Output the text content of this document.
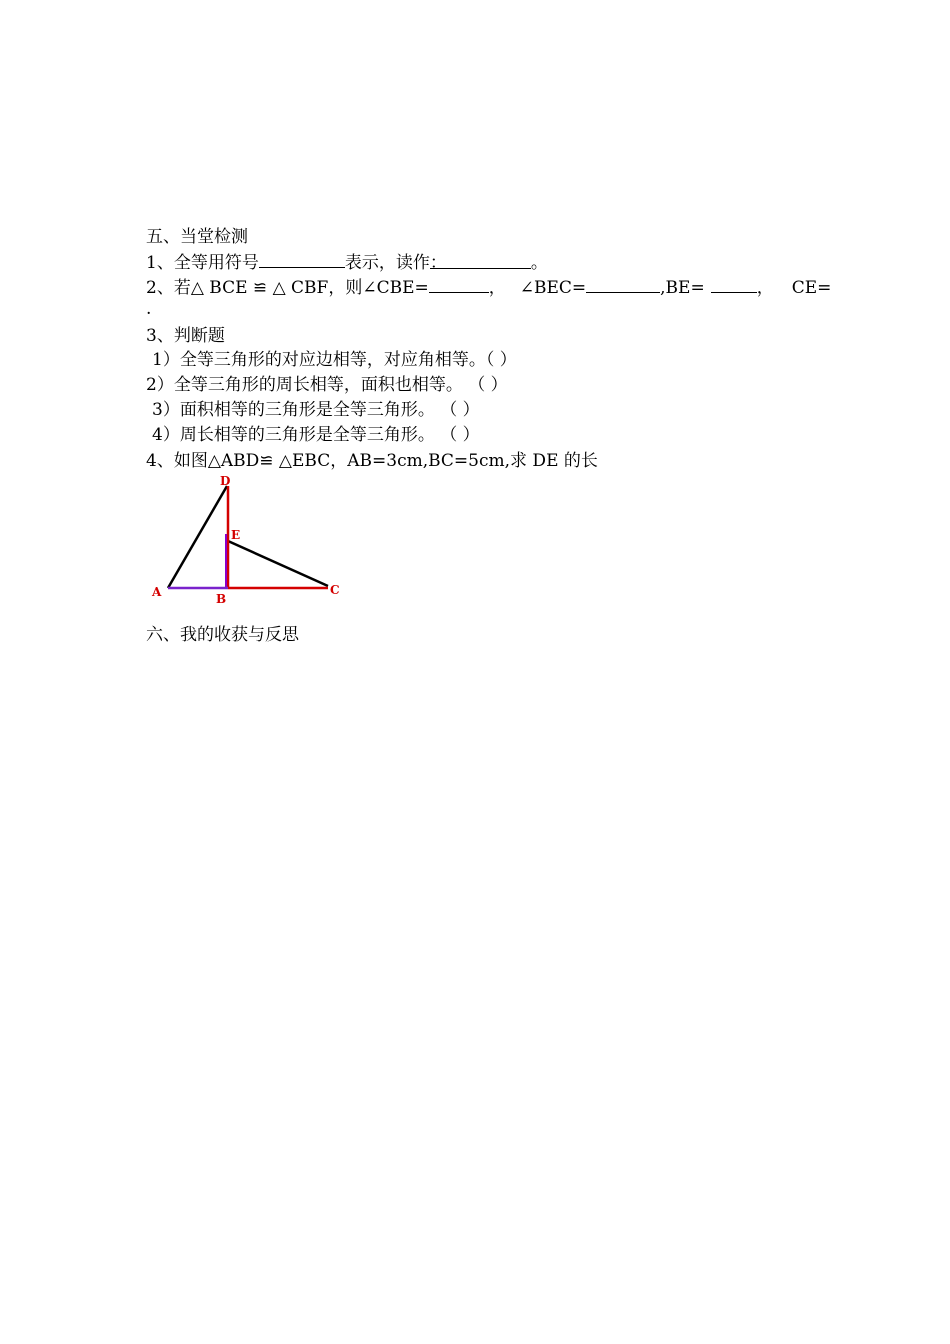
五、当堂检测
1、全等用符号	表示，读作：	。
2、若△ BCE ≌ △ CBF，则∠CBE=	， ∠BEC=	,BE=	， CE=
.
3、判断题
1）全等三角形的对应边相等，对应角相等。（ ）
2）全等三角形的周长相等，面积也相等。 （ ）
3）面积相等的三角形是全等三角形。 （ ）
4）周长相等的三角形是全等三角形。 （ ）
4、如图△ABD≌ △EBC，AB=3cm,BC=5cm,求 DE 的长
D
E
A	B
C
六、我的收获与反思
